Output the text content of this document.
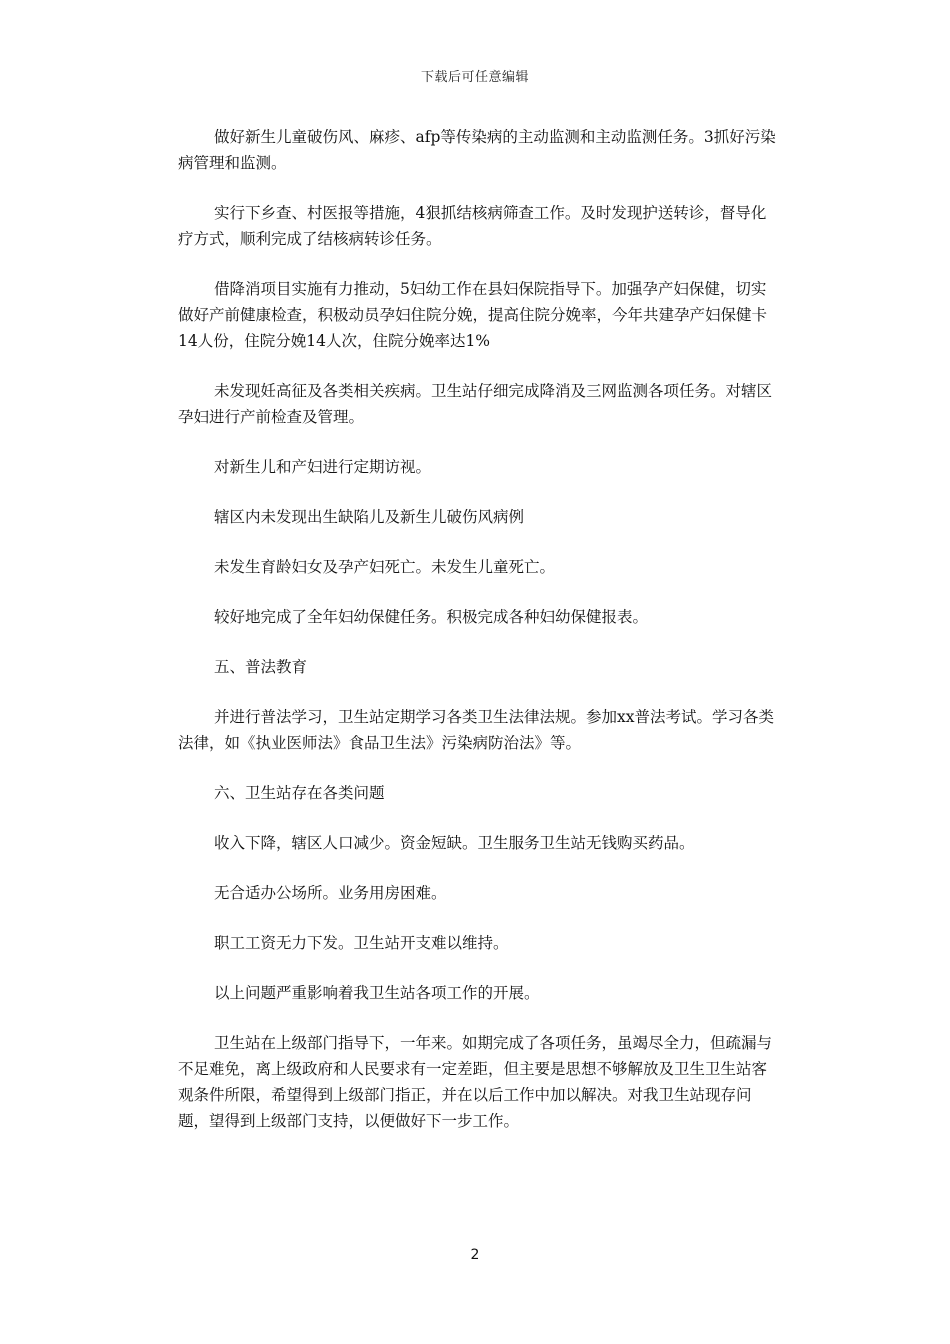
下载后可任意编辑

做好新生儿童破伤风、麻疹、afp等传染病的主动监测和主动监测任务。3抓好污染病管理和监测。

实行下乡查、村医报等措施，4狠抓结核病筛查工作。及时发现护送转诊，督导化疗方式，顺利完成了结核病转诊任务。

借降消项目实施有力推动，5妇幼工作在县妇保院指导下。加强孕产妇保健，切实做好产前健康检查，积极动员孕妇住院分娩，提高住院分娩率，今年共建孕产妇保健卡14人份，住院分娩14人次，住院分娩率达1%

未发现妊高征及各类相关疾病。卫生站仔细完成降消及三网监测各项任务。对辖区孕妇进行产前检查及管理。

对新生儿和产妇进行定期访视。

辖区内未发现出生缺陷儿及新生儿破伤风病例

未发生育龄妇女及孕产妇死亡。未发生儿童死亡。

较好地完成了全年妇幼保健任务。积极完成各种妇幼保健报表。

五、普法教育

并进行普法学习，卫生站定期学习各类卫生法律法规。参加xx普法考试。学习各类法律，如《执业医师法》食品卫生法》污染病防治法》等。

六、卫生站存在各类问题

收入下降，辖区人口减少。资金短缺。卫生服务卫生站无钱购买药品。

无合适办公场所。业务用房困难。

职工工资无力下发。卫生站开支难以维持。

以上问题严重影响着我卫生站各项工作的开展。

卫生站在上级部门指导下，一年来。如期完成了各项任务，虽竭尽全力，但疏漏与不足难免，离上级政府和人民要求有一定差距，但主要是思想不够解放及卫生卫生站客观条件所限，希望得到上级部门指正，并在以后工作中加以解决。对我卫生站现存问题，望得到上级部门支持，以便做好下一步工作。

2
